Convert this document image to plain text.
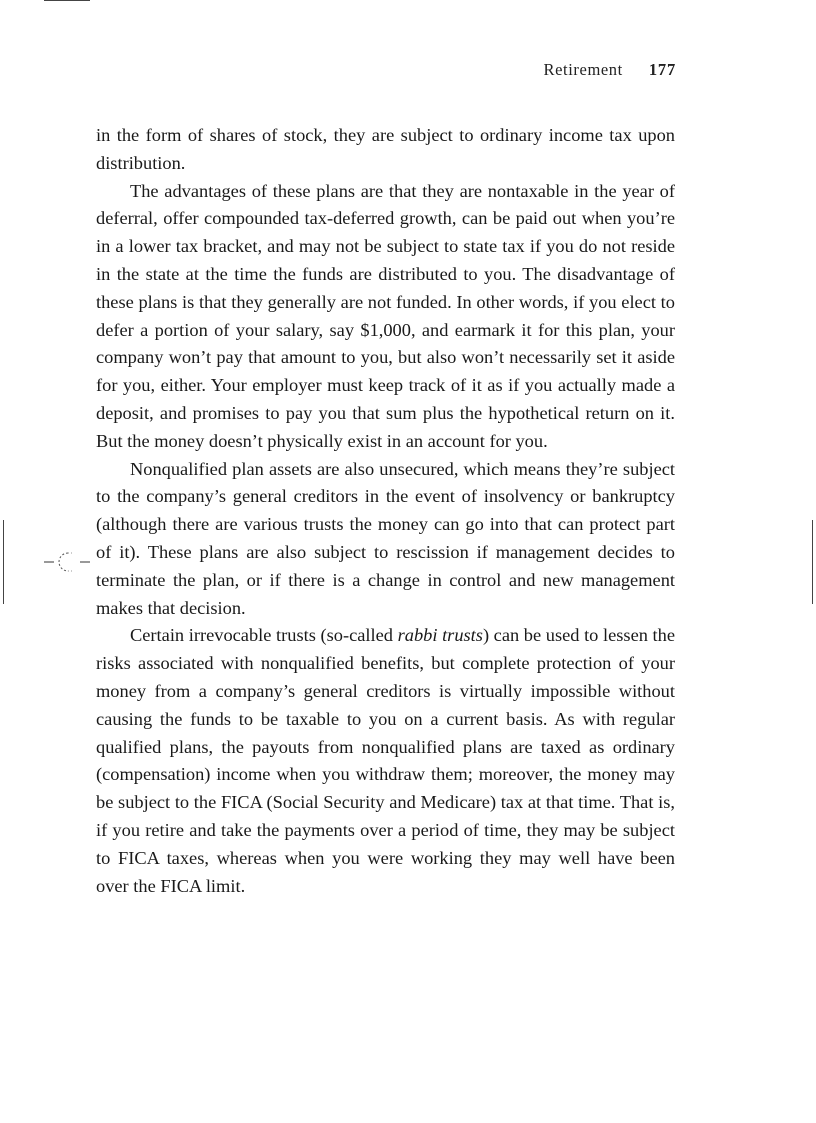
Retirement 177

in the form of shares of stock, they are subject to ordinary income tax upon distribution.

The advantages of these plans are that they are nontaxable in the year of deferral, offer compounded tax-deferred growth, can be paid out when you’re in a lower tax bracket, and may not be subject to state tax if you do not reside in the state at the time the funds are distributed to you. The disadvantage of these plans is that they generally are not funded. In other words, if you elect to defer a portion of your salary, say $1,000, and earmark it for this plan, your company won’t pay that amount to you, but also won’t necessarily set it aside for you, either. Your employer must keep track of it as if you actually made a deposit, and promises to pay you that sum plus the hypothetical return on it. But the money doesn’t physically exist in an account for you.

Nonqualified plan assets are also unsecured, which means they’re subject to the company’s general creditors in the event of insolvency or bankruptcy (although there are various trusts the money can go into that can protect part of it). These plans are also subject to rescission if management decides to terminate the plan, or if there is a change in control and new management makes that decision.

Certain irrevocable trusts (so-called rabbi trusts) can be used to lessen the risks associated with nonqualified benefits, but complete protection of your money from a company’s general creditors is virtually impossible without causing the funds to be taxable to you on a current basis. As with regular qualified plans, the payouts from nonqualified plans are taxed as ordinary (compensation) income when you withdraw them; moreover, the money may be subject to the FICA (Social Security and Medicare) tax at that time. That is, if you retire and take the payments over a period of time, they may be subject to FICA taxes, whereas when you were working they may well have been over the FICA limit.
